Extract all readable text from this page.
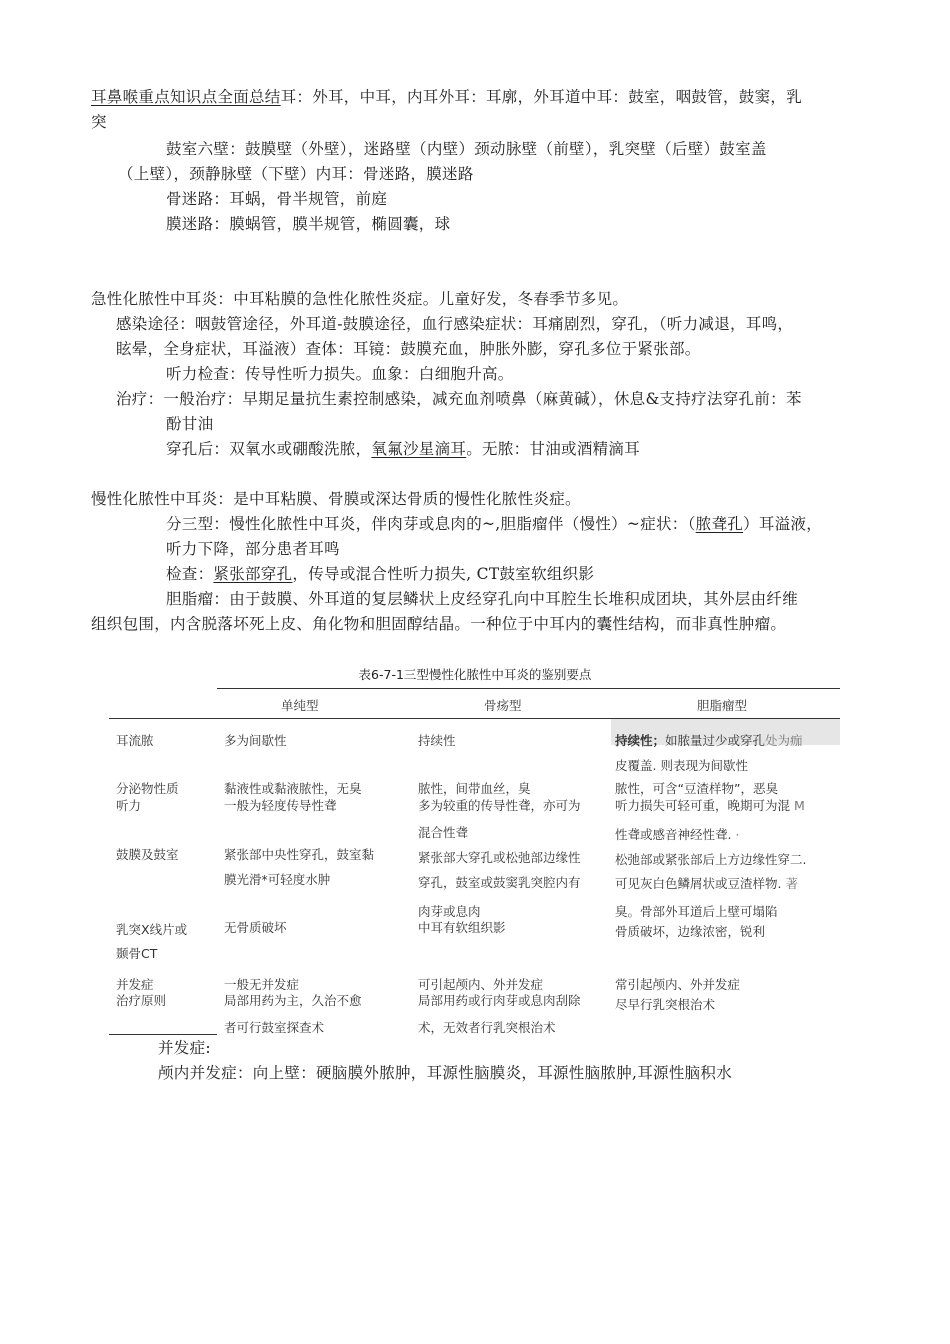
耳鼻喉重点知识点全面总结耳：外耳，中耳，内耳外耳：耳廓，外耳道中耳：鼓室，咽鼓管，鼓窦，乳
突
鼓室六壁：鼓膜壁（外壁），迷路壁（内壁）颈动脉壁（前壁），乳突壁（后壁）鼓室盖
（上壁），颈静脉壁（下壁）内耳：骨迷路，膜迷路
骨迷路：耳蜗，骨半规管，前庭
膜迷路：膜蜗管，膜半规管，椭圆囊，球
急性化脓性中耳炎：中耳粘膜的急性化脓性炎症。儿童好发，冬春季节多见。
感染途径：咽鼓管途径，外耳道-鼓膜途径，血行感染症状：耳痛剧烈，穿孔，（听力减退，耳鸣，
眩晕，全身症状，耳溢液）查体：耳镜：鼓膜充血，肿胀外膨，穿孔多位于紧张部。
听力检查：传导性听力损失。血象：白细胞升高。
治疗：一般治疗：早期足量抗生素控制感染，减充血剂喷鼻（麻黄碱），休息&支持疗法穿孔前：苯
酚甘油
穿孔后：双氧水或硼酸洗脓，氧氟沙星滴耳。无脓：甘油或酒精滴耳
慢性化脓性中耳炎：是中耳粘膜、骨膜或深达骨质的慢性化脓性炎症。
分三型：慢性化脓性中耳炎，伴肉芽或息肉的~,胆脂瘤伴（慢性）~症状：（脓聋孔）耳溢液，
听力下降，部分患者耳鸣
检查：紧张部穿孔，传导或混合性听力损失, CT鼓室软组织影
胆脂瘤：由于鼓膜、外耳道的复层鳞状上皮经穿孔向中耳腔生长堆积成团块，其外层由纤维
组织包围，内含脱落坏死上皮、角化物和胆固醇结晶。一种位于中耳内的囊性结构，而非真性肿瘤。
表6-7-1三型慢性化脓性中耳炎的鉴别要点
单纯型	骨疡型	胆脂瘤型
耳流脓
分泌物性质
听力
鼓膜及鼓室
乳突X线片或
颞骨CT
并发症
治疗原则
多为间歇性
黏液性或黏液脓性，无臭
一般为轻度传导性聋
紧张部中央性穿孔，鼓室黏
膜光滑*可轻度水肿
无骨质破坏
一般无并发症
局部用药为主，久治不愈
者可行鼓室探查术
持续性
脓性，间带血丝，臭
多为较重的传导性聋，亦可为
混合性聋
紧张部大穿孔或松弛部边缘性
穿孔，鼓室或鼓窦乳突腔内有
肉芽或息肉
中耳有软组织影
可引起颅内、外并发症
局部用药或行肉芽或息肉刮除
术，无效者行乳突根治术
持续性；如脓量过少或穿孔处为痂
皮覆盖. 则表现为间歇性
脓性，可含“豆渣样物”，恶臭
听力损失可轻可重，晚期可为混 M
性聋或感音神经性聋. ·
松弛部或紧张部后上方边缘性穿二.
可见灰白色鳞屑状或豆渣样物. 著
臭。骨部外耳道后上壁可塌陷
骨质破坏，边缘浓密，锐利
常引起颅内、外并发症
尽早行乳突根治术
并发症:
颅内并发症：向上壁：硬脑膜外脓肿，耳源性脑膜炎，耳源性脑脓肿,耳源性脑积水
